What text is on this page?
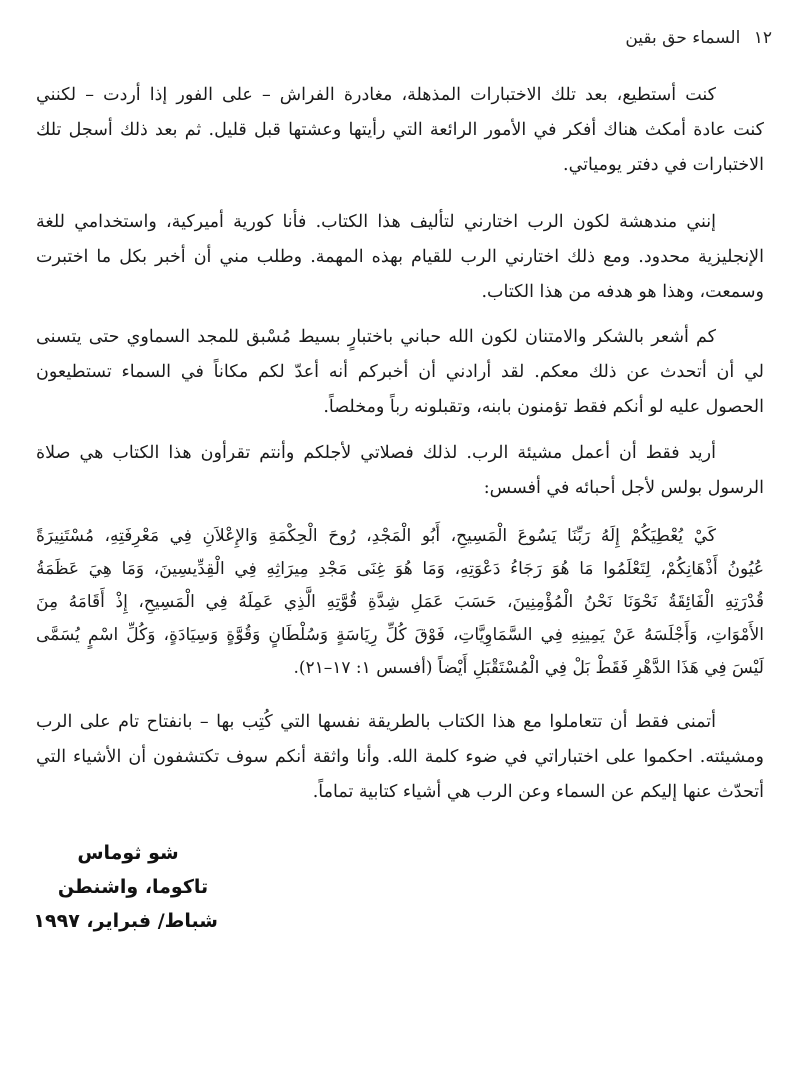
١٢ السماء حق بقين

كنت أستطيع، بعد تلك الاختبارات المذهلة، مغادرة الفراش – على الفور إذا أردت – لكنني
كنت عادة أمكث هناك أفكر في الأمور الرائعة التي رأيتها وعشتها قبل قليل. ثم بعد ذلك أسجل تلك
الاختبارات في دفتر يومياتي.

إنني مندهشة لكون الرب اختارني لتأليف هذا الكتاب. فأنا كورية أميركية، واستخدامي للغة
الإنجليزية محدود. ومع ذلك اختارني الرب للقيام بهذه المهمة. وطلب مني أن أخبر بكل ما اختبرت
وسمعت، وهذا هو هدفه من هذا الكتاب.

كم أشعر بالشكر والامتنان لكون الله حباني باختبارٍ بسيط مُسْبق للمجد السماوي حتى يتسنى
لي أن أتحدث عن ذلك معكم. لقد أرادني أن أخبركم أنه أعدّ لكم مكاناً في السماء تستطيعون
الحصول عليه لو أنكم فقط تؤمنون بابنه، وتقبلونه رباً ومخلصاً.

أريد فقط أن أعمل مشيئة الرب. لذلك فصلاتي لأجلكم وأنتم تقرأون هذا الكتاب هي صلاة
الرسول بولس لأجل أحبائه في أفسس:

كَيْ يُعْطِيَكُمْ إِلَهُ رَبِّنَا يَسُوعَ الْمَسِيحِ، أَبُو الْمَجْدِ، رُوحَ الْحِكْمَةِ وَالإِعْلاَنِ فِي مَعْرِفَتِهِ، مُسْتَنِيرَةً
عُيُونُ أَذْهَانِكُمْ، لِتَعْلَمُوا مَا هُوَ رَجَاءُ دَعْوَتِهِ، وَمَا هُوَ غِنَى مَجْدِ مِيرَاثِهِ فِي الْقِدِّيسِينَ، وَمَا هِيَ عَظَمَةُ
قُدْرَتِهِ الْفَائِقَةُ نَحْوَنَا نَحْنُ الْمُؤْمِنِينَ، حَسَبَ عَمَلِ شِدَّةِ قُوَّتِهِ الَّذِي عَمِلَهُ فِي الْمَسِيحِ، إِذْ أَقَامَهُ مِنَ
الأَمْوَاتِ، وَأَجْلَسَهُ عَنْ يَمِينِهِ فِي السَّمَاوِيَّاتِ، فَوْقَ كُلِّ رِيَاسَةٍ وَسُلْطَانٍ وَقُوَّةٍ وَسِيَادَةٍ، وَكُلِّ اسْمٍ يُسَمَّى
لَيْسَ فِي هَذَا الدَّهْرِ فَقَطْ بَلْ فِي الْمُسْتَقْبَلِ أَيْضاً (أفسس ١: ١٧–٢١).

أتمنى فقط أن تتعاملوا مع هذا الكتاب بالطريقة نفسها التي كُتِب بها – بانفتاح تام على الرب
ومشيئته. احكموا على اختباراتي في ضوء كلمة الله. وأنا واثقة أنكم سوف تكتشفون أن الأشياء التي
أتحدّث عنها إليكم عن السماء وعن الرب هي أشياء كتابية تماماً.

شو ثوماس
تاكوما، واشنطن
شباط/ فبراير، ١٩٩٧
